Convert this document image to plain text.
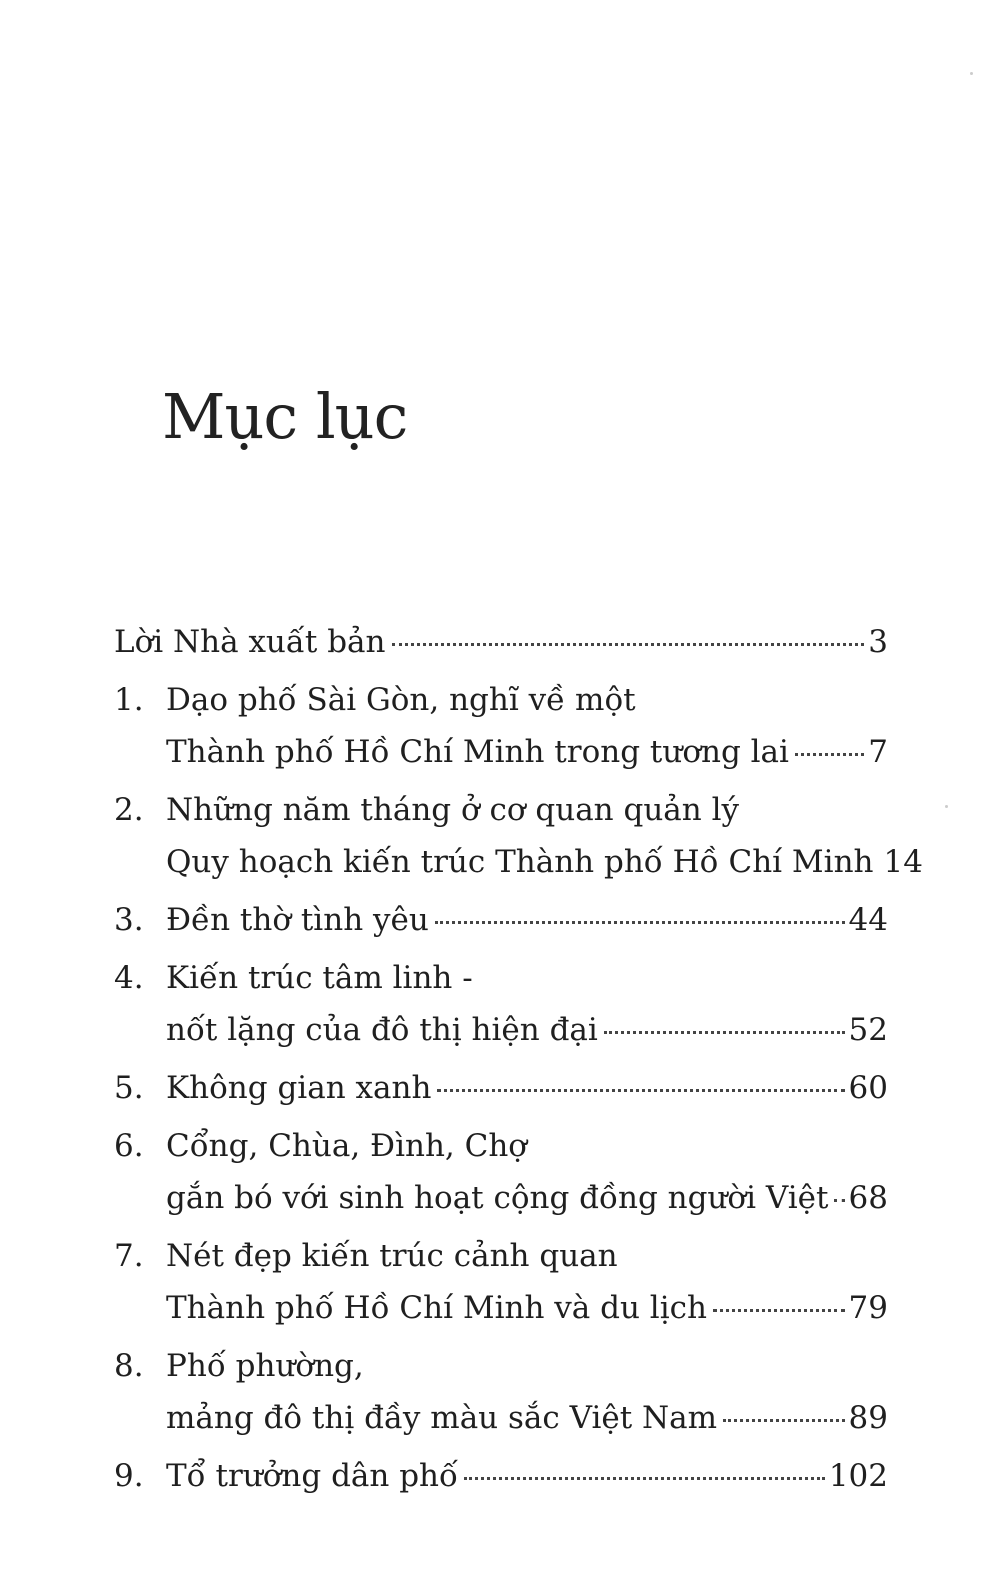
Mục lục
Lời Nhà xuất bản	3
1. Dạo phố Sài Gòn, nghĩ về một
Thành phố Hồ Chí Minh trong tương lai	7
2. Những năm tháng ở cơ quan quản lý
Quy hoạch kiến trúc Thành phố Hồ Chí Minh 14
3. Đền thờ tình yêu	44
4. Kiến trúc tâm linh -
nốt lặng của đô thị hiện đại	52
5. Không gian xanh	60
6. Cổng, Chùa, Đình, Chợ
gắn bó với sinh hoạt cộng đồng người Việt 68
7. Nét đẹp kiến trúc cảnh quan
Thành phố Hồ Chí Minh và du lịch	79
8. Phố phường,
mảng đô thị đầy màu sắc Việt Nam	89
9. Tổ trưởng dân phố	102
